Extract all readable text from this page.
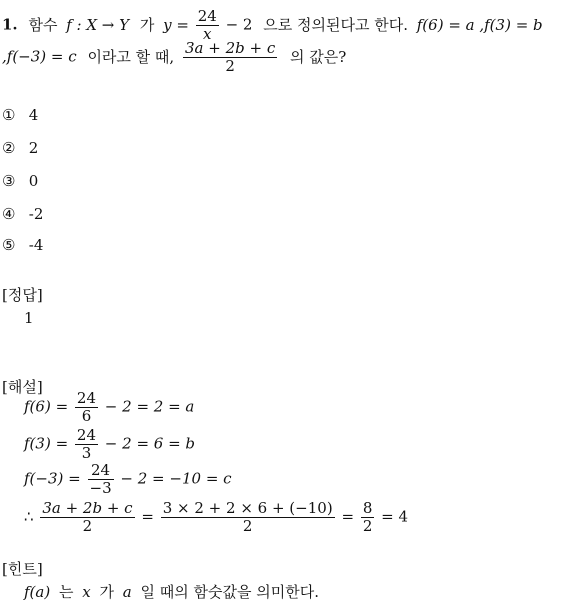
1. 함수 f : X → Y 가 $y = \frac{24}{x} - 2$ 으로 정의된다고 한다. f(6) = a ,f(3) = b
,f(−3) = c 이라고 할 때, $\frac{3a + 2b + c}{2}$ 의 값은?
① 4
② 2
③ 0
④ -2
⑤ -4
[정답]
1
[해설]
$f(6) = \frac{24}{6} - 2 = 2 = a$
$f(3) = \frac{24}{3} - 2 = 6 = b$
$f(-3) = \frac{24}{-3} - 2 = -10 = c$
∴ $\frac{3a + 2b + c}{2} = \frac{3 \times 2 + 2 \times 6 + (-10)}{2} = \frac{8}{2} = 4$
[힌트]
f(a) 는 x 가 a 일 때의 함숫값을 의미한다.
